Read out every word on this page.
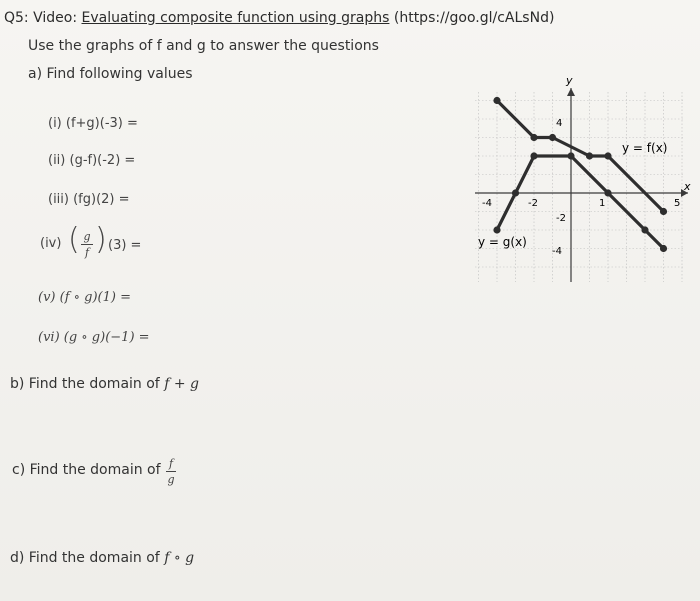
Q5: Video: Evaluating composite function using graphs (https://goo.gl/cALsNd)
Use the graphs of f and g to answer the questions
a) Find following values
(i) (f+g)(-3) =
(ii) (g-f)(-2) =
(iii) (fg)(2) =
(iv) ( g
f ) (3) =
(v) (f ∘ g)(1) =
(vi) (g ∘ g)(−1) =
b) Find the domain of f + g
c) Find the domain of f
g
d) Find the domain of f ∘ g
y
x
-4	-2	1	5
4
-2
-4
y = f(x)
y = g(x)
